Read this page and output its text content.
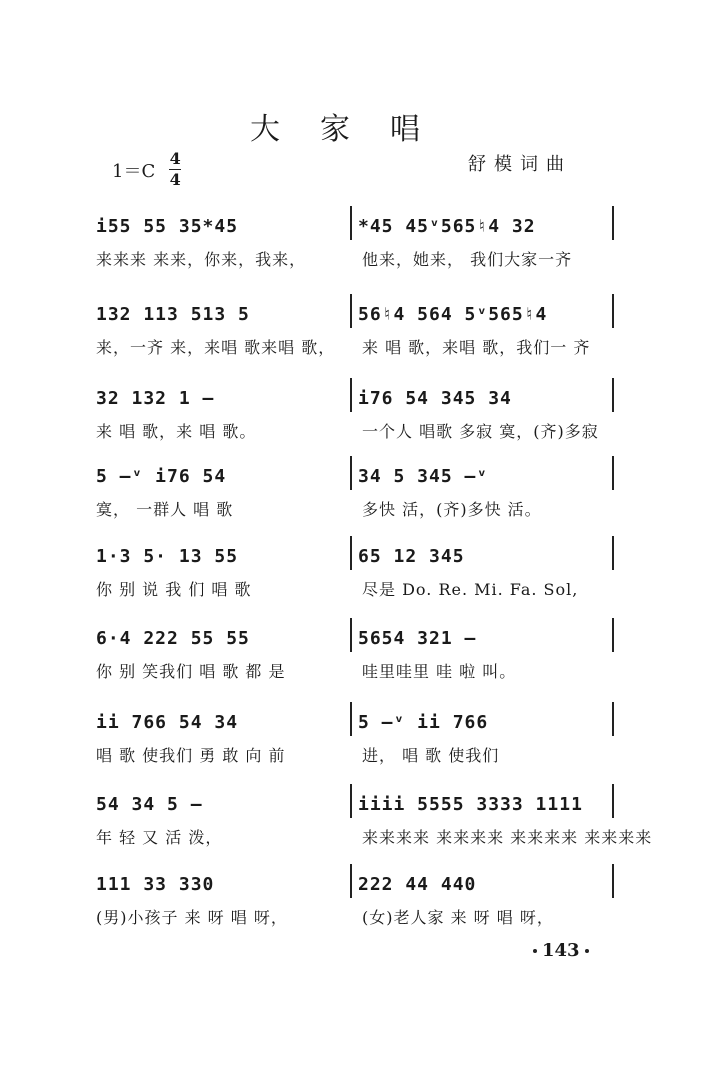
大家唱
1＝C
4
4
舒模词曲
i55 55 35*45	*45 45ᵛ565♮4 32
来来来 来来，你来，我来，	他来，她来， 我们大家一齐
132 113 513 5	56♮4 564 5ᵛ565♮4
来，一齐 来，来唱 歌来唱 歌， 来 唱 歌，来唱 歌，我们一 齐
32 132 1 —	i76 54 345 34
来 唱 歌，来 唱 歌。	一个人 唱歌 多寂 寞，(齐)多寂
5 —ᵛ i76 54	34 5 345 —ᵛ
寞， 一群人 唱 歌	多快 活，(齐)多快 活。
1·3 5· 13 55	65 12 345
你 别 说 我 们 唱 歌	尽是 Do. Re. Mi. Fa. Sol,
6·4 222 55 55	5654 321 —
你 别 笑我们 唱 歌 都 是	哇里哇里 哇 啦 叫。
ii 766 54 34	5 —ᵛ ii 766
唱 歌 使我们 勇 敢 向 前	进， 唱 歌 使我们
54 34 5 —	iiii 5555 3333 1111
年 轻 又 活 泼，	来来来来 来来来来 来来来来 来来来来
111 33 330	222 44 440
(男)小孩子 来 呀 唱 呀，	(女)老人家 来 呀 唱 呀，
143
